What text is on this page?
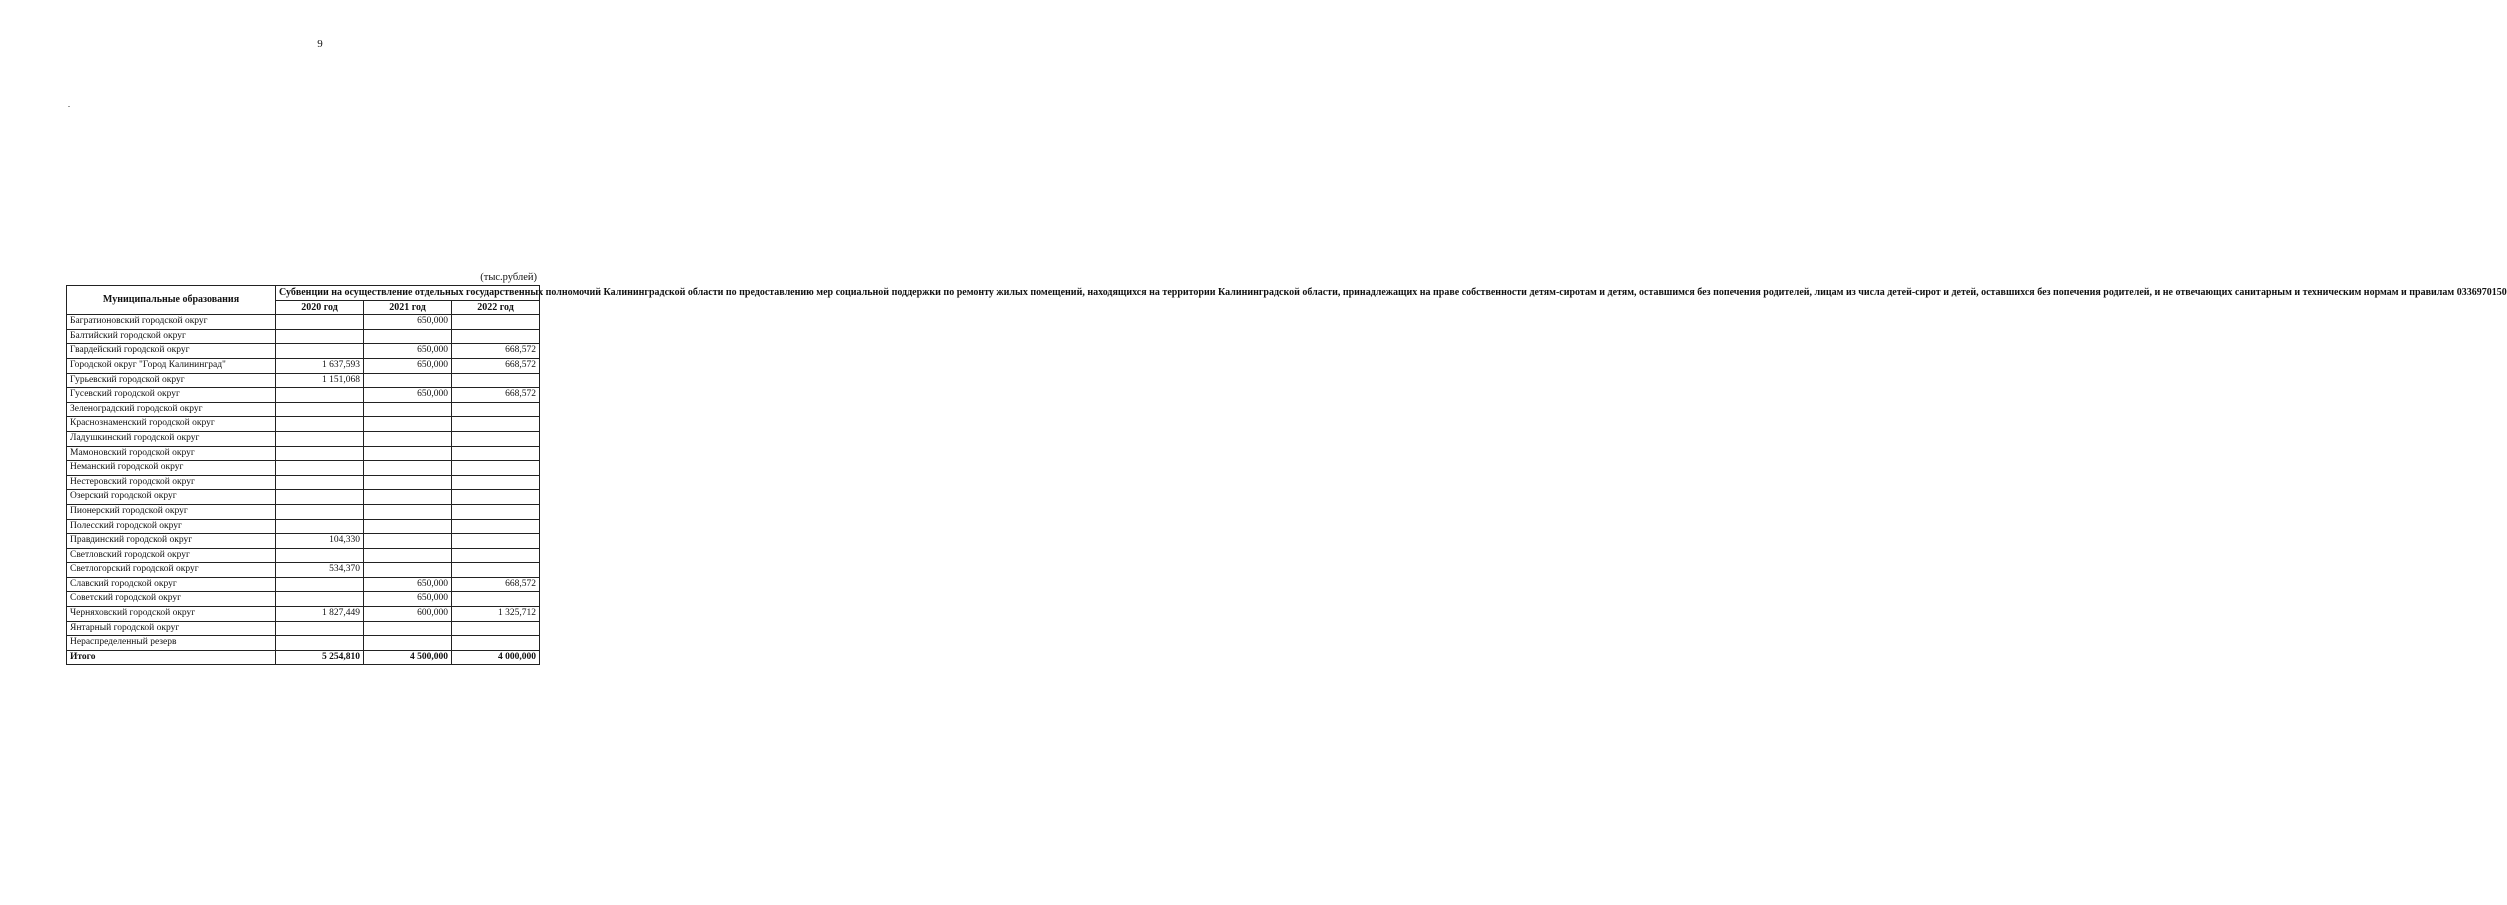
9
(тыс.рублей)
Муниципальные образования	Субвенции на осуществление отдельных государственных полномочий Калининградской области по предоставлению мер социальной поддержки по ремонту жилых помещений, находящихся на территории Калининградской области, принадлежащих на праве собственности детям-сиротам и детям, оставшимся без попечения родителей, лицам из числа детей-сирот и детей, оставшихся без попечения родителей, и не отвечающих санитарным и техническим нормам и правилам 0336970150		
	2020 год	2021 год	2022 год
Багратионовский городской округ		650,000	
Балтийский городской округ			
Гвардейский городской округ		650,000	668,572
Городской округ "Город Калининград"	1 637,593	650,000	668,572
Гурьевский городской округ	1 151,068		
Гусевский городской округ		650,000	668,572
Зеленоградский городской округ			
Краснознаменский городской округ			
Ладушкинский городской округ			
Мамоновский городской округ			
Неманский городской округ			
Нестеровский городской округ			
Озерский городской округ			
Пионерский городской округ			
Полесский городской округ			
Правдинский городской округ	104,330		
Светловский городской округ			
Светлогорский городской округ	534,370		
Славский городской округ		650,000	668,572
Советский городской округ		650,000	
Черняховский городской округ	1 827,449	600,000	1 325,712
Янтарный городской округ			
Нераспределенный резерв			
Итого	5 254,810	4 500,000	4 000,000
